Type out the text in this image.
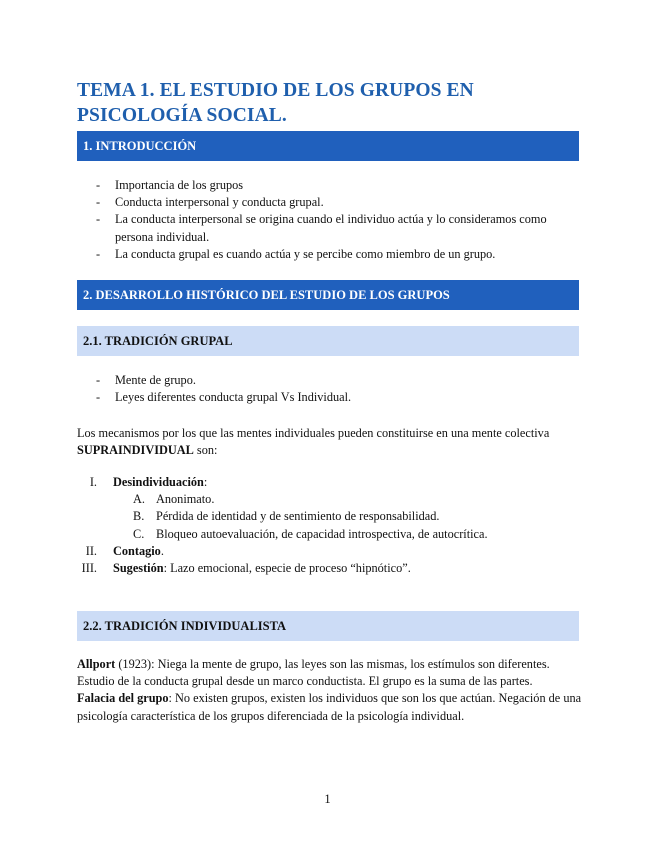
TEMA 1. EL ESTUDIO DE LOS GRUPOS EN PSICOLOGÍA SOCIAL.
1. INTRODUCCIÓN
- Importancia de los grupos
- Conducta interpersonal y conducta grupal.
- La conducta interpersonal se origina cuando el individuo actúa y lo consideramos como persona individual.
- La conducta grupal es cuando actúa y se percibe como miembro de un grupo.
2. DESARROLLO HISTÓRICO DEL ESTUDIO DE LOS GRUPOS
2.1. TRADICIÓN GRUPAL
- Mente de grupo.
- Leyes diferentes conducta grupal Vs Individual.
Los mecanismos por los que las mentes individuales pueden constituirse en una mente colectiva
SUPRAINDIVIDUAL son:
I. Desindividuación:
A. Anonimato.
B. Pérdida de identidad y de sentimiento de responsabilidad.
C. Bloqueo autoevaluación, de capacidad introspectiva, de autocrítica.
II. Contagio.
III. Sugestión: Lazo emocional, especie de proceso “hipnótico”.
2.2. TRADICIÓN INDIVIDUALISTA
Allport (1923): Niega la mente de grupo, las leyes son las mismas, los estímulos son diferentes. Estudio de la conducta grupal desde un marco conductista. El grupo es la suma de las partes.
Falacia del grupo: No existen grupos, existen los individuos que son los que actúan. Negación de una psicología característica de los grupos diferenciada de la psicología individual.
1
